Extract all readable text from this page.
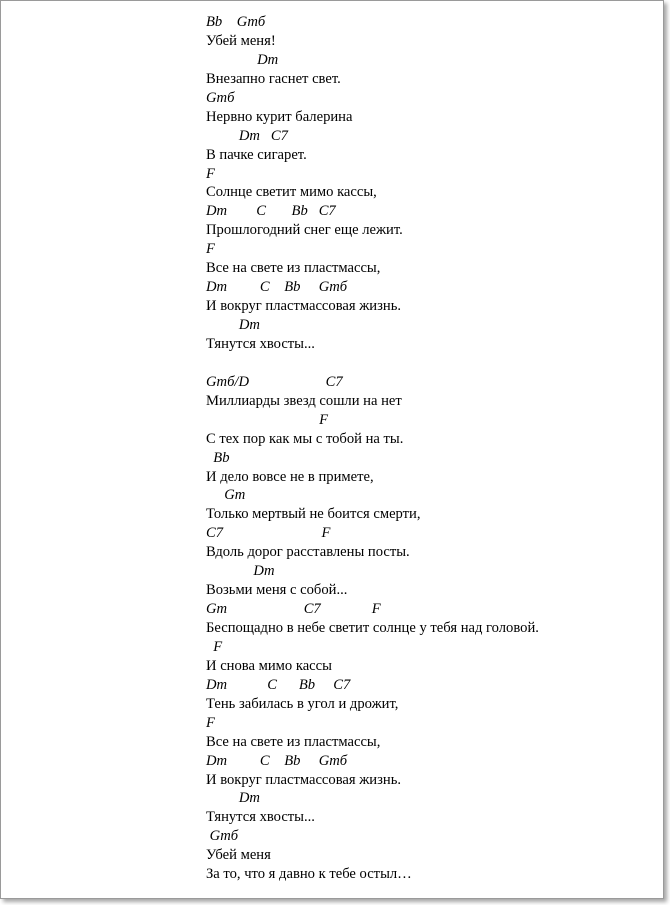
Bb    Gmб
Убей меня!
Dm
Внезапно гаснет свет.
Gmб
Нервно курит балерина
Dm   C7
В пачке сигарет.
F
Солнце светит мимо кассы,
Dm        C       Bb   C7
Прошлогодний снег еще лежит.
F
Все на свете из пластмассы,
Dm         C    Bb     Gmб
И вокруг пластмассовая жизнь.
Dm
Тянутся хвосты...
Gmб/D                     C7
Миллиарды звезд сошли на нет
F
С тех пор как мы с тобой на ты.
Bb
И дело вовсе не в примете,
Gm
Только мертвый не боится смерти,
C7                           F
Вдоль дорог расставлены посты.
Dm
Возьми меня с собой...
Gm                     C7              F
Беспощадно в небе светит солнце у тебя над головой.
F
И снова мимо кассы
Dm           C      Bb     C7
Тень забилась в угол и дрожит,
F
Все на свете из пластмассы,
Dm         C    Bb     Gmб
И вокруг пластмассовая жизнь.
Dm
Тянутся хвосты...
Gmб
Убей меня
За то, что я давно к тебе остыл…
